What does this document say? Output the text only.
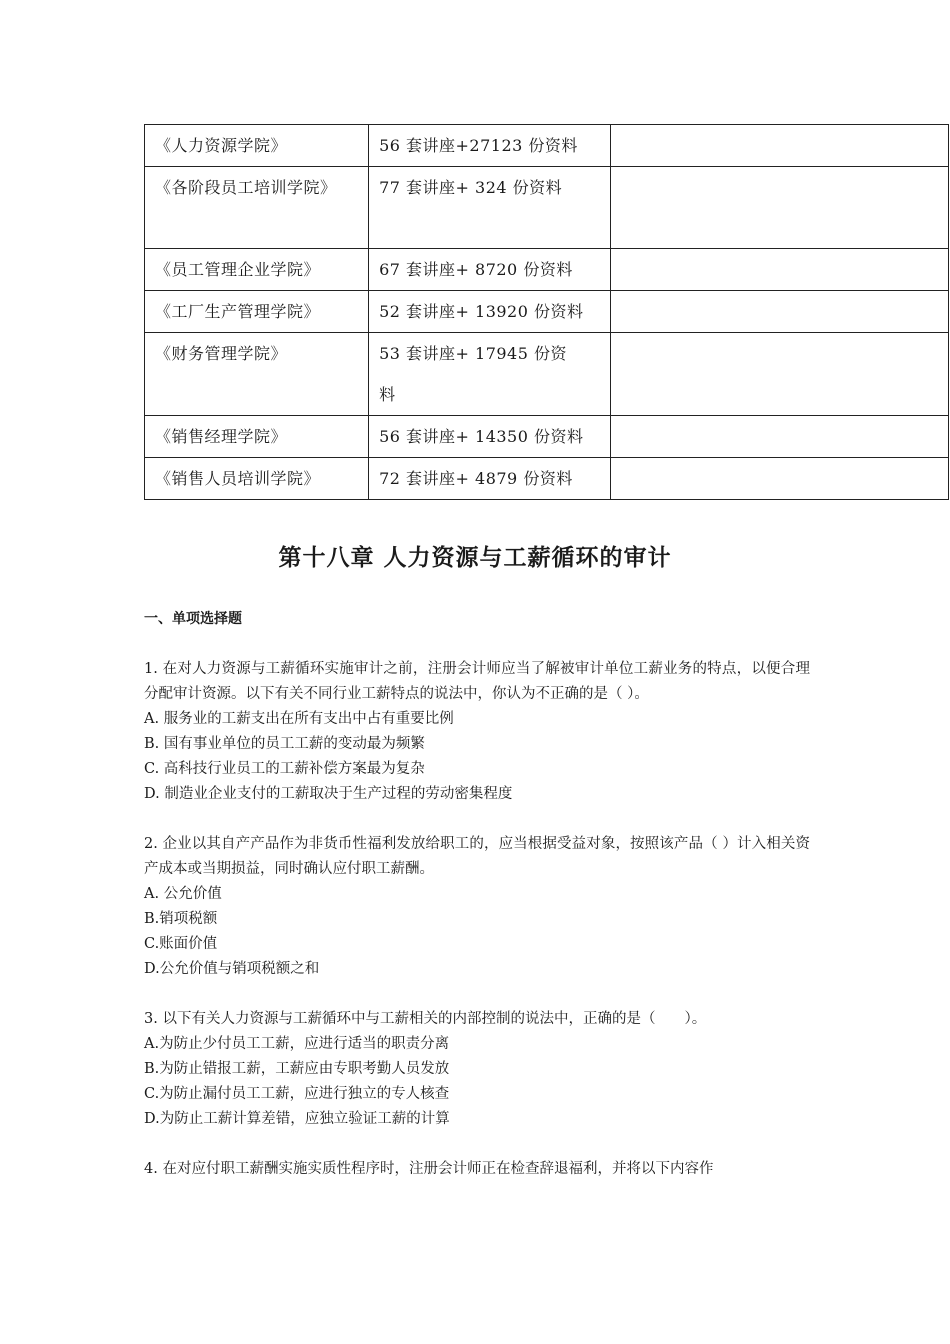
《人力资源学院》	56 套讲座+27123 份资料	
《各阶段员工培训学院》	77 套讲座+ 324 份资料	
《员工管理企业学院》	67 套讲座+ 8720 份资料	
《工厂生产管理学院》	52 套讲座+ 13920 份资料	
《财务管理学院》	53 套讲座+ 17945 份资料	
《销售经理学院》	56 套讲座+ 14350 份资料	
《销售人员培训学院》	72 套讲座+ 4879 份资料	
第十八章 人力资源与工薪循环的审计
一、单项选择题

1. 在对人力资源与工薪循环实施审计之前，注册会计师应当了解被审计单位工薪业务的特点，以便合理分配审计资源。以下有关不同行业工薪特点的说法中，你认为不正确的是（ ）。

A. 服务业的工薪支出在所有支出中占有重要比例

B. 国有事业单位的员工工薪的变动最为频繁

C. 高科技行业员工的工薪补偿方案最为复杂

D. 制造业企业支付的工薪取决于生产过程的劳动密集程度

2. 企业以其自产产品作为非货币性福利发放给职工的，应当根据受益对象，按照该产品（ ）计入相关资产成本或当期损益，同时确认应付职工薪酬。

A. 公允价值

B.销项税额

C.账面价值

D.公允价值与销项税额之和

3. 以下有关人力资源与工薪循环中与工薪相关的内部控制的说法中，正确的是（　　）。

A.为防止少付员工工薪，应进行适当的职责分离

B.为防止错报工薪，工薪应由专职考勤人员发放

C.为防止漏付员工工薪，应进行独立的专人核查

D.为防止工薪计算差错，应独立验证工薪的计算

4. 在对应付职工薪酬实施实质性程序时，注册会计师正在检查辞退福利，并将以下内容作
